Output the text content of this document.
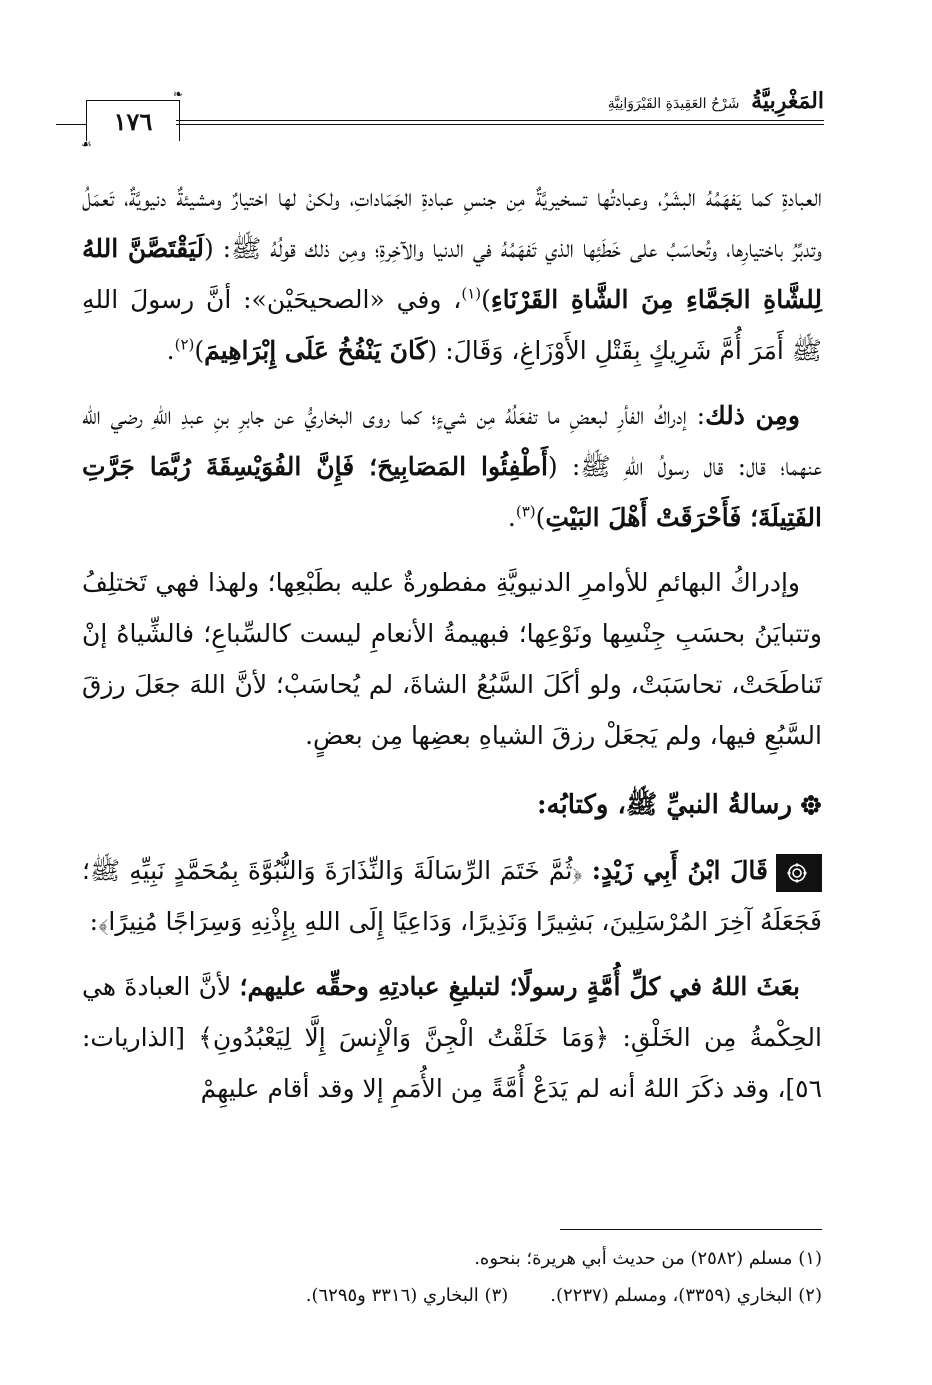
المَغْرِبيَّةُ شَرْحُ العَقِيدَةِ القَيْرَوَانِيَّةِ
❧
١٧٦
☙

العبادةِ كما يَفهَمُهُ البشَرُ، وعبادتُها تسخيريَّةٌ مِن جنسِ عبادةِ الجَمَاداتِ، ولكنْ لها اختيارٌ ومشيئةٌ دنيويَّةٌ، تَعمَلُ وتدبِّرُ باختيارِها، وتُحاسَبُ على خَطَئِها الذي تَفهَمُهُ في الدنيا والآخِرةِ؛ ومِن ذلك قولُهُ ﷺ: (لَيَقْتَصَّنَّ اللهُ لِلشَّاةِ الجَمَّاءِ مِنَ الشَّاةِ القَرْنَاءِ)$^{(١)}$، وفي «الصحيحَيْن»: أنَّ رسولَ اللهِ ﷺ أَمَرَ أُمَّ شَرِيكٍ بِقَتْلِ الأَوْزَاغِ، وَقَالَ: (كَانَ يَنْفُخُ عَلَى إِبْرَاهِيمَ)$^{(٢)}$.

ومِن ذلك: إدراكُ الفأرِ لبعضِ ما تفعَلُهُ مِن شيءٍ؛ كما روى البخاريُّ عن جابرِ بنِ عبدِ اللهِ رضي الله عنهما؛ قال: قال رسولُ اللهِ ﷺ: (أَطْفِئُوا المَصَابِيحَ؛ فَإِنَّ الفُوَيْسِقَةَ رُبَّمَا جَرَّتِ الفَتِيلَةَ؛ فَأَحْرَقَتْ أَهْلَ البَيْتِ)$^{(٣)}$.

وإدراكُ البهائمِ للأوامرِ الدنيويَّةِ مفطورةٌ عليه بطَبْعِها؛ ولهذا فهي تَختلِفُ وتتبايَنُ بحسَبِ جِنْسِها ونَوْعِها؛ فبهيمةُ الأنعامِ ليست كالسِّباعِ؛ فالشِّياهُ إنْ تَناطَحَتْ، تحاسَبَتْ، ولو أكَلَ السَّبُعُ الشاةَ، لم يُحاسَبْ؛ لأنَّ اللهَ جعَلَ رزقَ السَّبُعِ فيها، ولم يَجعَلْ رزقَ الشياهِ بعضِها مِن بعضٍ.

رسالةُ النبيِّ ﷺ، وكتابُه:

قَالَ ابْنُ أَبِي زَيْدٍ: ﴿ثُمَّ خَتَمَ الرِّسَالَةَ وَالنِّذَارَةَ وَالنُّبُوَّةَ بِمُحَمَّدٍ نَبِيِّهِ ﷺ؛ فَجَعَلَهُ آخِرَ المُرْسَلِينَ، بَشِيرًا وَنَذِيرًا، وَدَاعِيًا إِلَى اللهِ بِإِذْنِهِ وَسِرَاجًا مُنِيرًا﴾:

بعَثَ اللهُ في كلِّ أُمَّةٍ رسولًا؛ لتبليغِ عبادتِهِ وحقِّه عليهم؛ لأنَّ العبادةَ هي الحِكْمةُ مِن الخَلْقِ: ﴿وَمَا خَلَقْتُ الْجِنَّ وَالْإِنسَ إِلَّا لِيَعْبُدُونِ﴾ [الذاريات: ٥٦]، وقد ذكَرَ اللهُ أنه لم يَدَعْ أُمَّةً مِن الأُمَمِ إلا وقد أقام عليهِمْ

(١) مسلم (٢٥٨٢) من حديث أبي هريرة؛ بنحوه.
(٢) البخاري (٣٣٥٩)، ومسلم (٢٢٣٧).(٣) البخاري (٣٣١٦ و٦٢٩٥).
